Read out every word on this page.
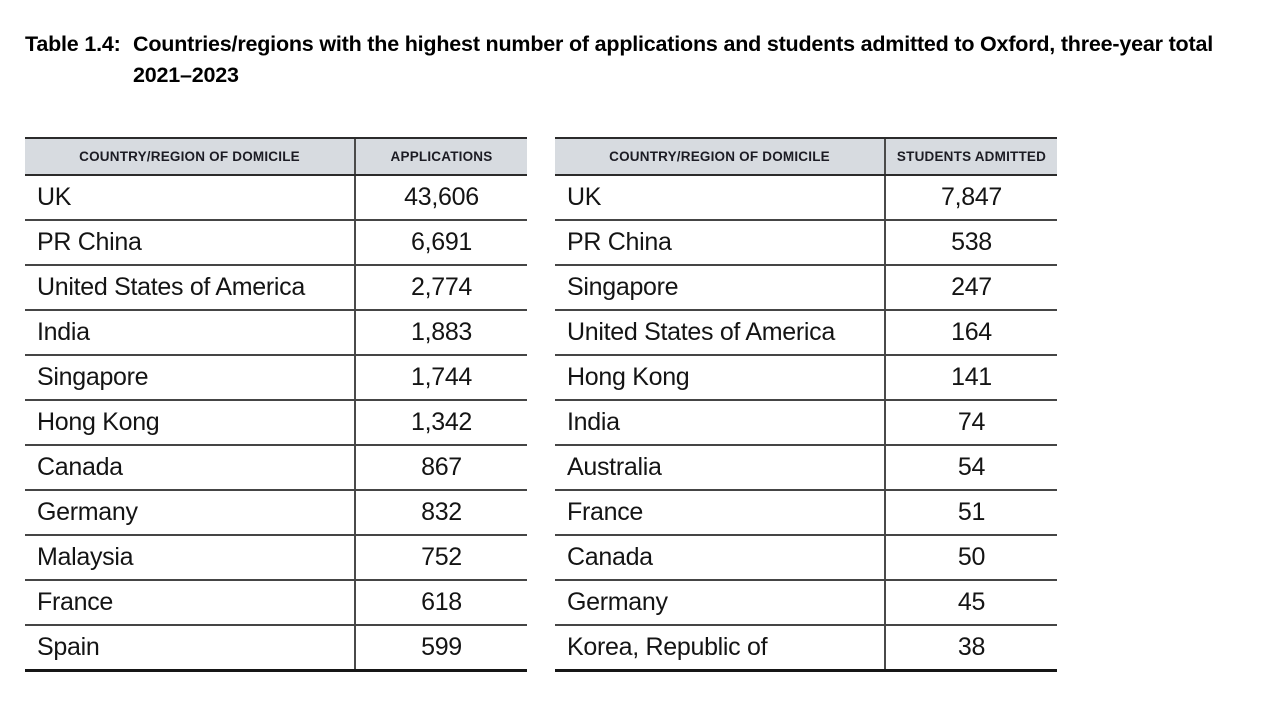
Table 1.4: Countries/regions with the highest number of applications and students admitted to Oxford, three-year total
2021–2023
COUNTRY/REGION OF DOMICILE	APPLICATIONS
UK	43,606
PR China	6,691
United States of America	2,774
India	1,883
Singapore	1,744
Hong Kong	1,342
Canada	867
Germany	832
Malaysia	752
France	618
Spain	599
COUNTRY/REGION OF DOMICILE	STUDENTS ADMITTED
UK	7,847
PR China	538
Singapore	247
United States of America	164
Hong Kong	141
India	74
Australia	54
France	51
Canada	50
Germany	45
Korea, Republic of	38
